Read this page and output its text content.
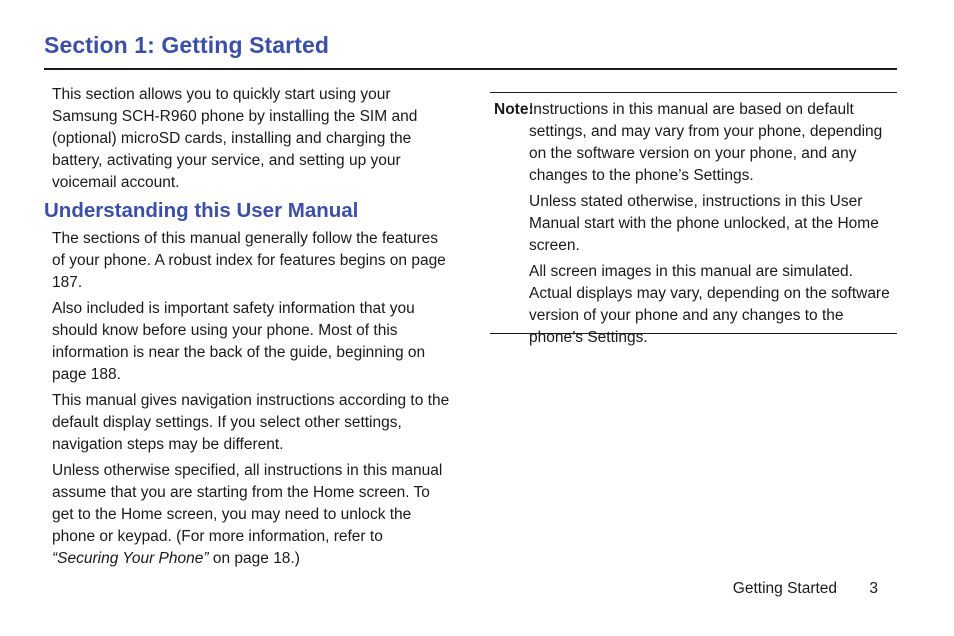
Section 1: Getting Started

This section allows you to quickly start using your Samsung SCH-R960 phone by installing the SIM and (optional) microSD cards, installing and charging the battery, activating your service, and setting up your voicemail account.

Understanding this User Manual

The sections of this manual generally follow the features of your phone. A robust index for features begins on page 187.

Also included is important safety information that you should know before using your phone. Most of this information is near the back of the guide, beginning on page 188.

This manual gives navigation instructions according to the default display settings. If you select other settings, navigation steps may be different.

Unless otherwise specified, all instructions in this manual assume that you are starting from the Home screen. To get to the Home screen, you may need to unlock the phone or keypad. (For more information, refer to “Securing Your Phone” on page 18.)

Note:

Instructions in this manual are based on default settings, and may vary from your phone, depending on the software version on your phone, and any changes to the phone’s Settings.

Unless stated otherwise, instructions in this User Manual start with the phone unlocked, at the Home screen.

All screen images in this manual are simulated. Actual displays may vary, depending on the software version of your phone and any changes to the phone’s Settings.

Getting Started 3
